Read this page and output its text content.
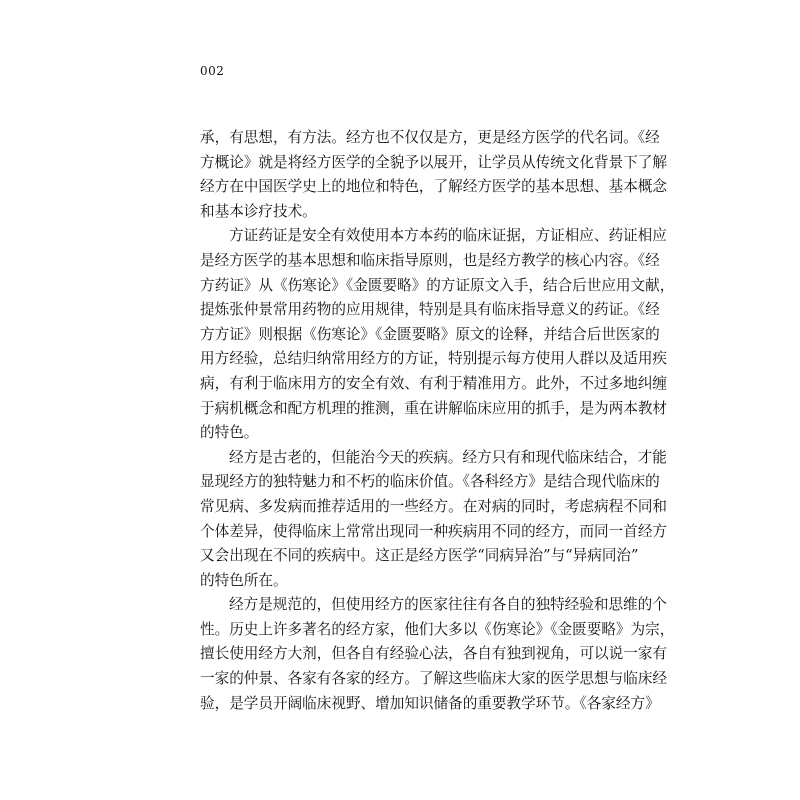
002
承，有思想，有方法。经方也不仅仅是方，更是经方医学的代名词。《经
方概论》就是将经方医学的全貌予以展开，让学员从传统文化背景下了解
经方在中国医学史上的地位和特色，了解经方医学的基本思想、基本概念
和基本诊疗技术。
方证药证是安全有效使用本方本药的临床证据，方证相应、药证相应
是经方医学的基本思想和临床指导原则，也是经方教学的核心内容。《经
方药证》从《伤寒论》《金匮要略》的方证原文入手，结合后世应用文献，
提炼张仲景常用药物的应用规律，特别是具有临床指导意义的药证。《经
方方证》则根据《伤寒论》《金匮要略》原文的诠释，并结合后世医家的
用方经验，总结归纳常用经方的方证，特别提示每方使用人群以及适用疾
病，有利于临床用方的安全有效、有利于精准用方。此外，不过多地纠缠
于病机概念和配方机理的推测，重在讲解临床应用的抓手，是为两本教材
的特色。
经方是古老的，但能治今天的疾病。经方只有和现代临床结合，才能
显现经方的独特魅力和不朽的临床价值。《各科经方》是结合现代临床的
常见病、多发病而推荐适用的一些经方。在对病的同时，考虑病程不同和
个体差异，使得临床上常常出现同一种疾病用不同的经方，而同一首经方
又会出现在不同的疾病中。这正是经方医学“同病异治”与“异病同治”
的特色所在。
经方是规范的，但使用经方的医家往往有各自的独特经验和思维的个
性。历史上许多著名的经方家，他们大多以《伤寒论》《金匮要略》为宗，
擅长使用经方大剂，但各自有经验心法，各自有独到视角，可以说一家有
一家的仲景、各家有各家的经方。了解这些临床大家的医学思想与临床经
验，是学员开阔临床视野、增加知识储备的重要教学环节。《各家经方》
